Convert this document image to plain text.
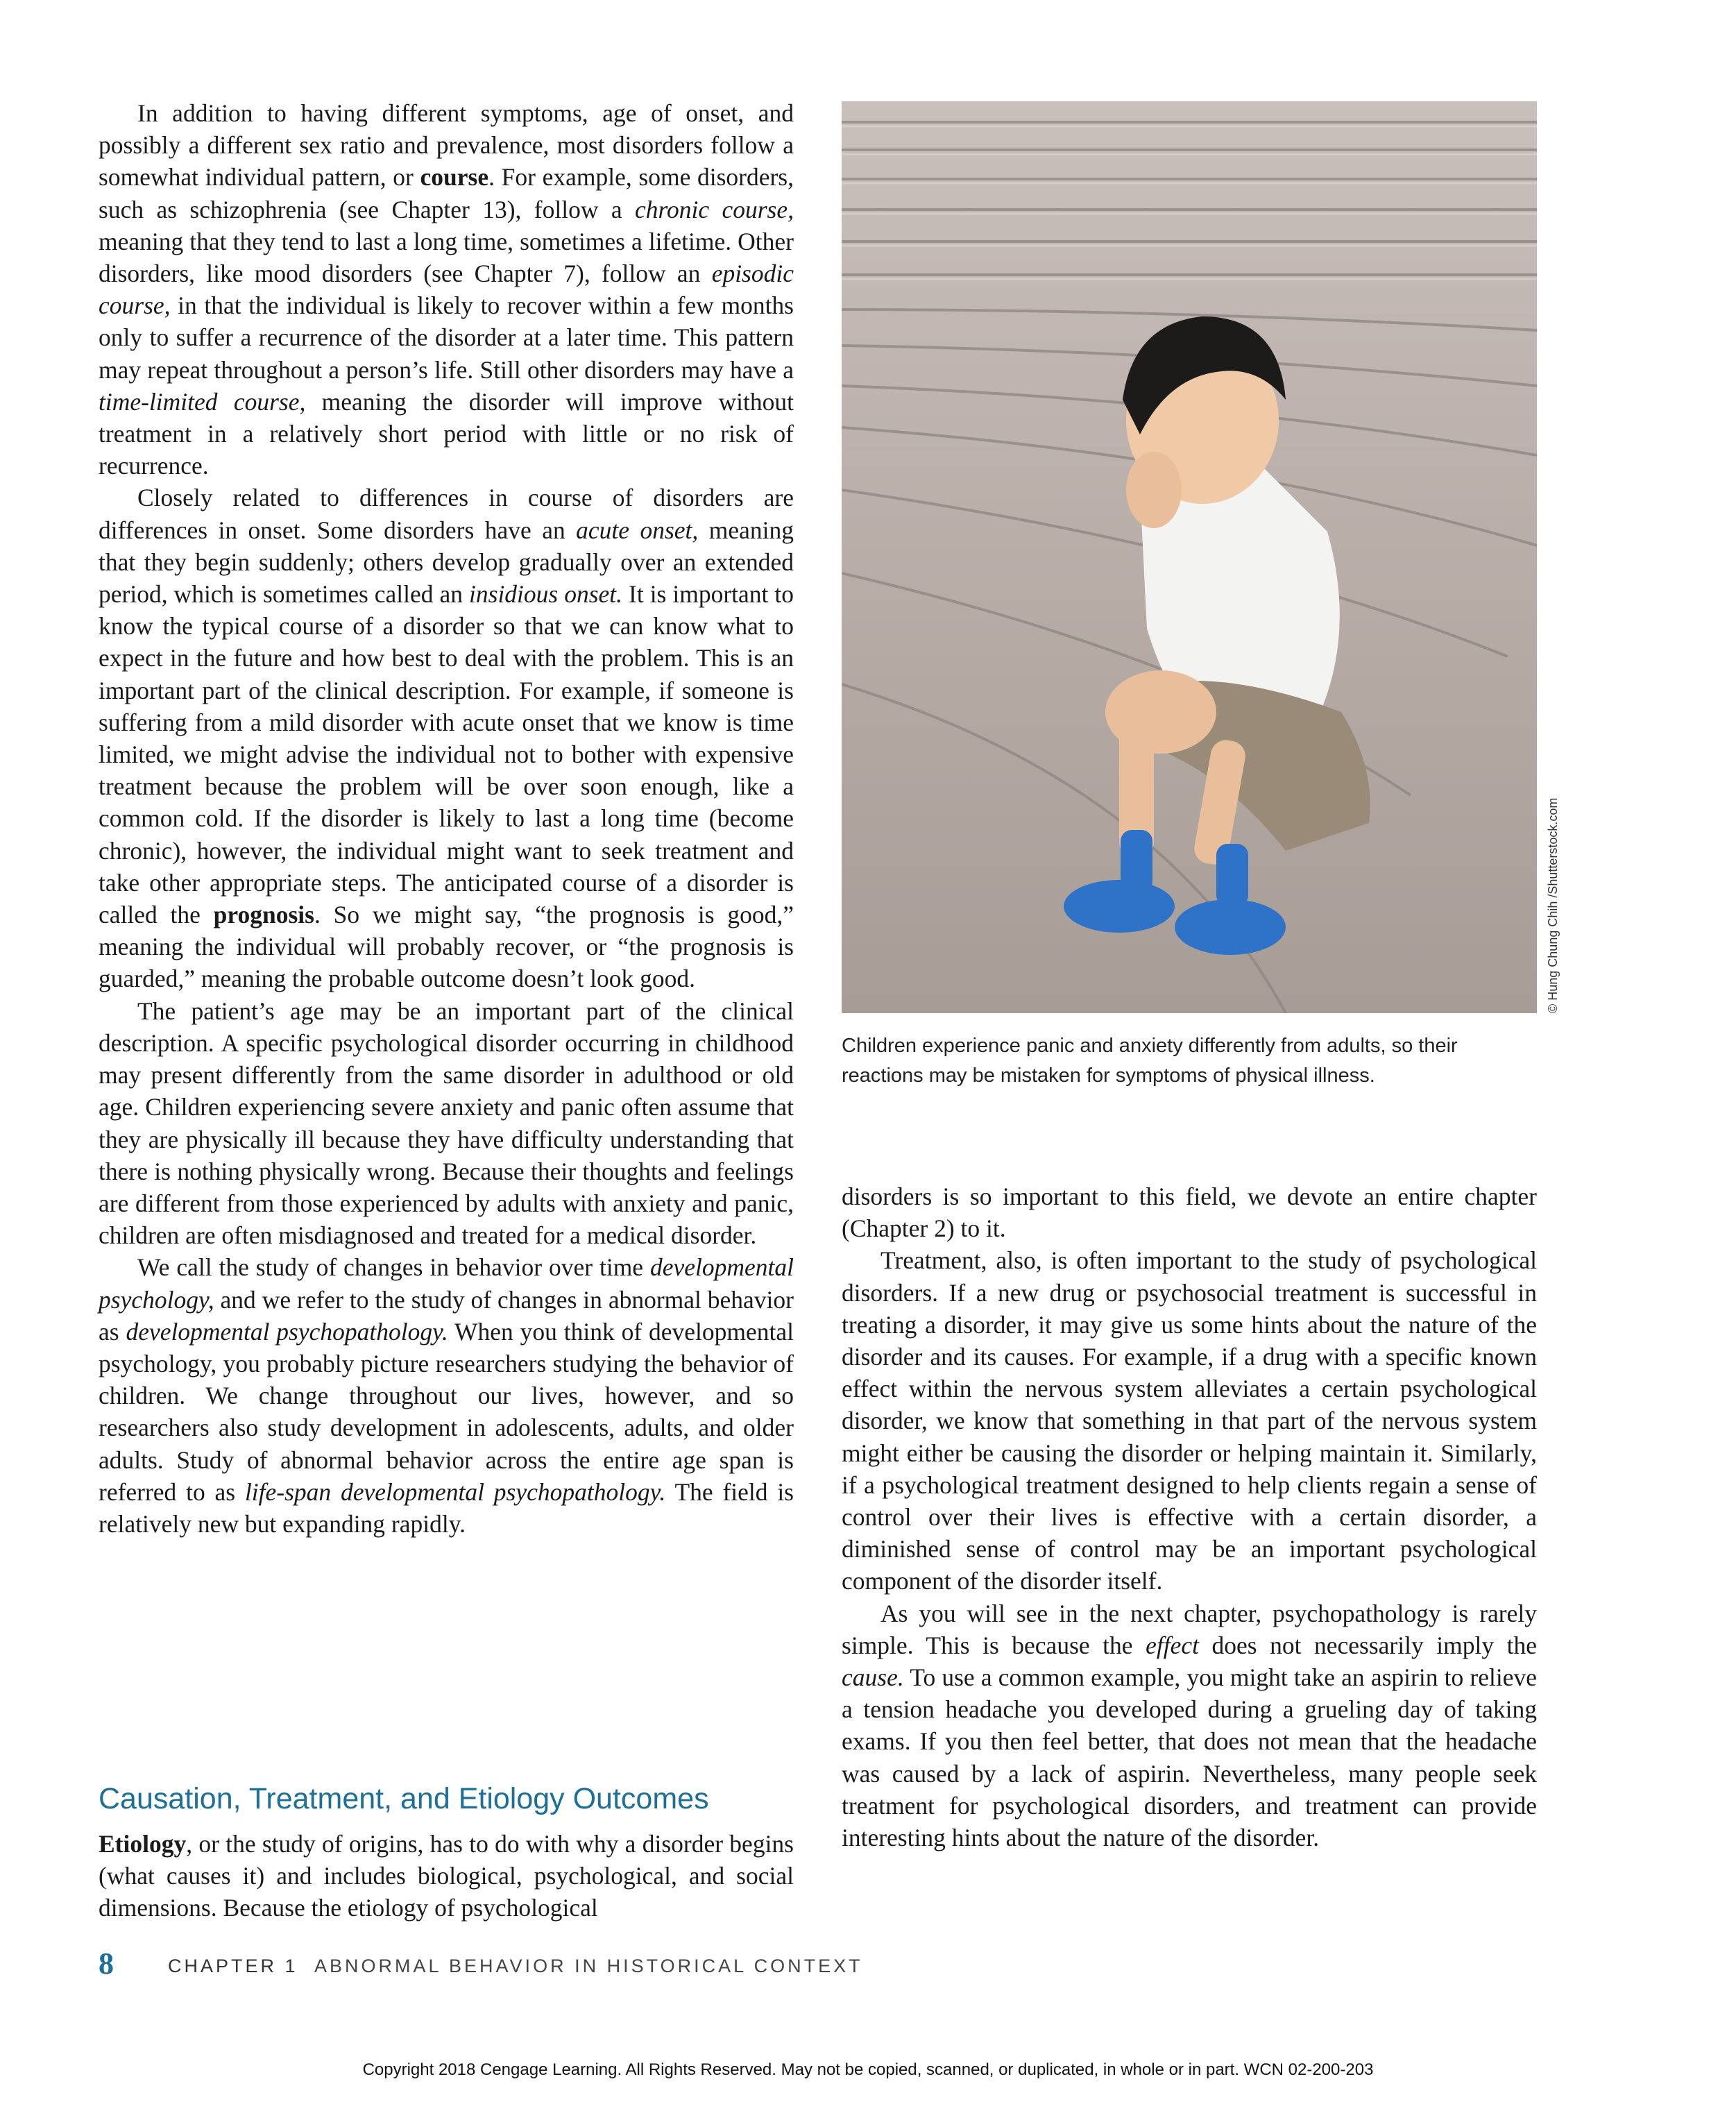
In addition to having different symptoms, age of onset, and possibly a different sex ratio and prevalence, most disorders follow a somewhat individual pattern, or course. For example, some disorders, such as schizophrenia (see Chapter 13), follow a chronic course, meaning that they tend to last a long time, sometimes a lifetime. Other disorders, like mood disorders (see Chapter 7), follow an episodic course, in that the individual is likely to recover within a few months only to suffer a recurrence of the disorder at a later time. This pattern may repeat throughout a person’s life. Still other disorders may have a time-limited course, meaning the disorder will improve without treatment in a relatively short period with little or no risk of recurrence.

Closely related to differences in course of disorders are differences in onset. Some disorders have an acute onset, meaning that they begin suddenly; others develop gradually over an extended period, which is sometimes called an insidious onset. It is important to know the typical course of a disorder so that we can know what to expect in the future and how best to deal with the problem. This is an important part of the clinical description. For example, if someone is suffering from a mild disorder with acute onset that we know is time limited, we might advise the individual not to bother with expensive treatment because the problem will be over soon enough, like a common cold. If the disorder is likely to last a long time (become chronic), however, the individual might want to seek treatment and take other appropriate steps. The anticipated course of a disorder is called the prognosis. So we might say, “the prognosis is good,” meaning the individual will probably recover, or “the prognosis is guarded,” meaning the probable outcome doesn’t look good.

The patient’s age may be an important part of the clinical description. A specific psychological disorder occurring in childhood may present differently from the same disorder in adulthood or old age. Children experiencing severe anxiety and panic often assume that they are physically ill because they have difficulty understanding that there is nothing physically wrong. Because their thoughts and feelings are different from those experienced by adults with anxiety and panic, children are often misdiagnosed and treated for a medical disorder.

We call the study of changes in behavior over time developmental psychology, and we refer to the study of changes in abnormal behavior as developmental psychopathology. When you think of developmental psychology, you probably picture researchers studying the behavior of children. We change throughout our lives, however, and so researchers also study development in adolescents, adults, and older adults. Study of abnormal behavior across the entire age span is referred to as life-span developmental psychopathology. The field is relatively new but expanding rapidly.

Causation, Treatment, and Etiology Outcomes

Etiology, or the study of origins, has to do with why a disorder begins (what causes it) and includes biological, psychological, and social dimensions. Because the etiology of psychological

© Hung Chung Chih /Shutterstock.com
Children experience panic and anxiety differently from adults, so their reactions may be mistaken for symptoms of physical illness.

disorders is so important to this field, we devote an entire chapter (Chapter 2) to it.

Treatment, also, is often important to the study of psychological disorders. If a new drug or psychosocial treatment is successful in treating a disorder, it may give us some hints about the nature of the disorder and its causes. For example, if a drug with a specific known effect within the nervous system alleviates a certain psychological disorder, we know that something in that part of the nervous system might either be causing the disorder or helping maintain it. Similarly, if a psychological treatment designed to help clients regain a sense of control over their lives is effective with a certain disorder, a diminished sense of control may be an important psychological component of the disorder itself.

As you will see in the next chapter, psychopathology is rarely simple. This is because the effect does not necessarily imply the cause. To use a common example, you might take an aspirin to relieve a tension headache you developed during a grueling day of taking exams. If you then feel better, that does not mean that the headache was caused by a lack of aspirin. Nevertheless, many people seek treatment for psychological disorders, and treatment can provide interesting hints about the nature of the disorder.

8	CHAPTER 1 ABNORMAL BEHAVIOR IN HISTORICAL CONTEXT
Copyright 2018 Cengage Learning. All Rights Reserved. May not be copied, scanned, or duplicated, in whole or in part. WCN 02-200-203
